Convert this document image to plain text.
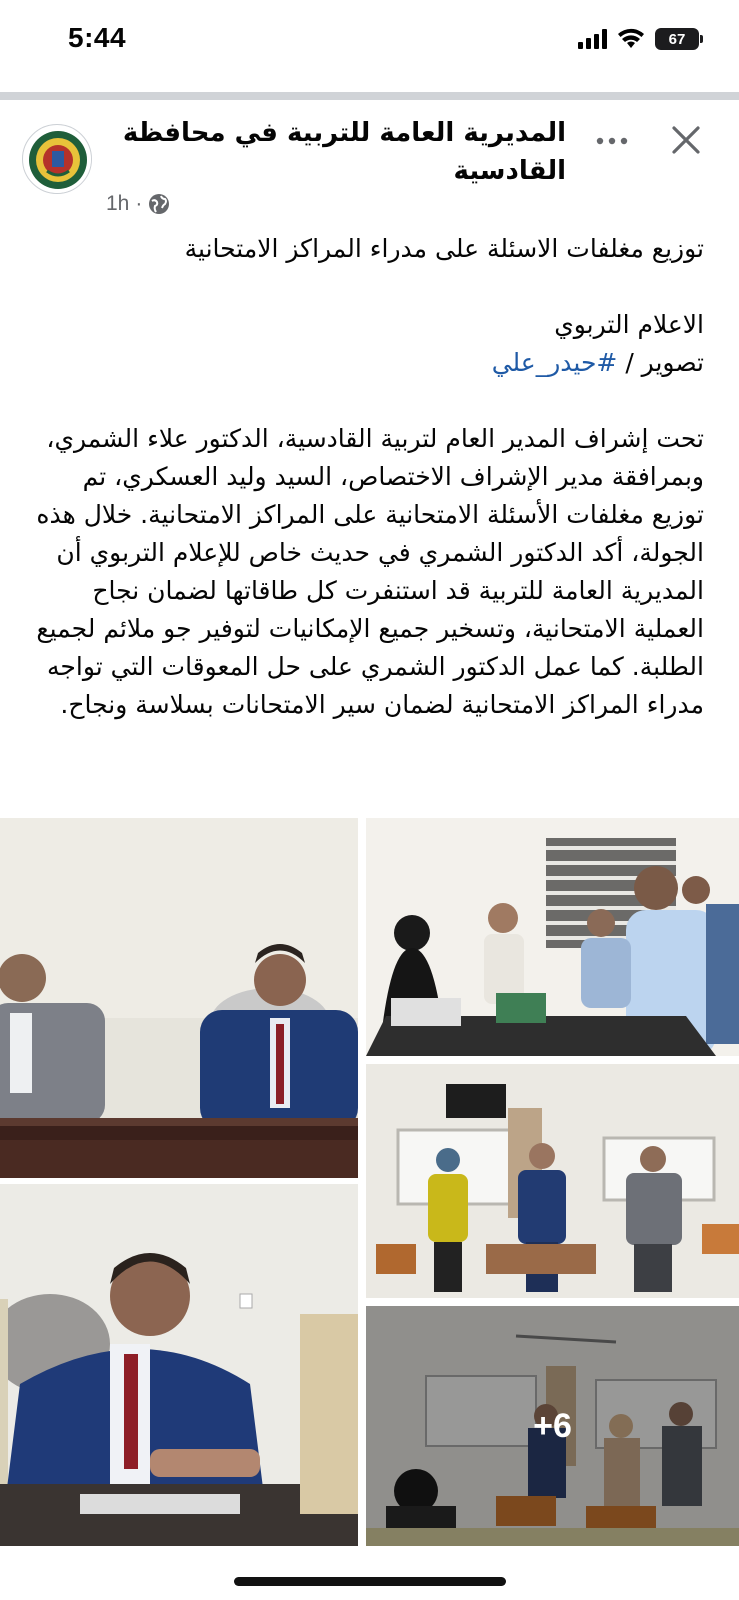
5:44	67
المديرية العامة للتربية في محافظة القادسية
1h ·

توزيع مغلفات الاسئلة على مدراء المراكز الامتحانية

الاعلام التربوي

تصوير / #حيدر_علي

تحت إشراف المدير العام لتربية القادسية، الدكتور علاء الشمري، وبمرافقة مدير الإشراف الاختصاص، السيد وليد العسكري، تم توزيع مغلفات الأسئلة الامتحانية على المراكز الامتحانية. خلال هذه الجولة، أكد الدكتور الشمري في حديث خاص للإعلام التربوي أن المديرية العامة للتربية قد استنفرت كل طاقاتها لضمان نجاح العملية الامتحانية، وتسخير جميع الإمكانيات لتوفير جو ملائم لجميع الطلبة. كما عمل الدكتور الشمري على حل المعوقات التي تواجه مدراء المراكز الامتحانية لضمان سير الامتحانات بسلاسة ونجاح.

+6
